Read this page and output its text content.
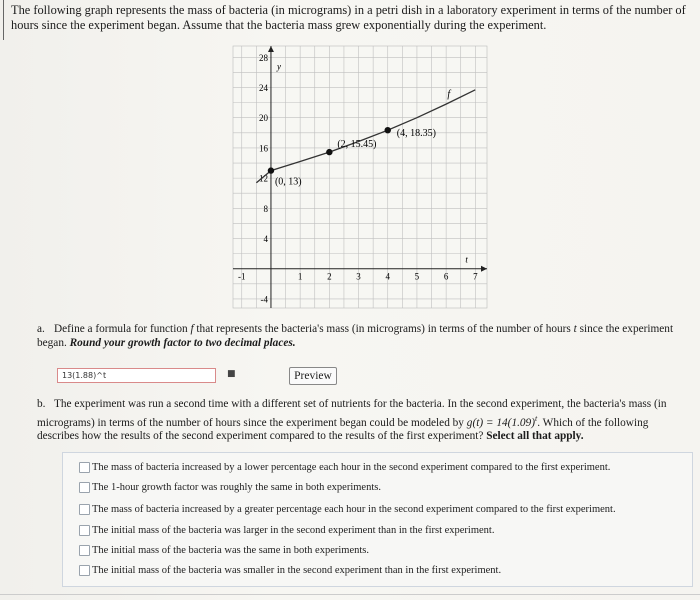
The following graph represents the mass of bacteria (in micrograms) in a petri dish in a laboratory experiment in terms of the number of hours since the experiment began. Assume that the bacteria mass grew exponentially during the experiment.
t
y
-1	1	2	3	4	5	6	7
28
24
20
16
12
8
4
-4
f
(0, 13)
(2, 15.45)
(4, 18.35)
a. Define a formula for function f that represents the bacteria's mass (in micrograms) in terms of the number of hours t since the experiment began. Round your growth factor to two decimal places.
13(1.88)^t	■	Preview
b. The experiment was run a second time with a different set of nutrients for the bacteria. In the second experiment, the bacteria's mass (in micrograms) in terms of the number of hours since the experiment began could be modeled by $g(t) = 14(1.09)^t$. Which of the following describes how the results of the second experiment compared to the results of the first experiment? Select all that apply.
The mass of bacteria increased by a lower percentage each hour in the second experiment compared to the first experiment.
The 1-hour growth factor was roughly the same in both experiments.
The mass of bacteria increased by a greater percentage each hour in the second experiment compared to the first experiment.
The initial mass of the bacteria was larger in the second experiment than in the first experiment.
The initial mass of the bacteria was the same in both experiments.
The initial mass of the bacteria was smaller in the second experiment than in the first experiment.
